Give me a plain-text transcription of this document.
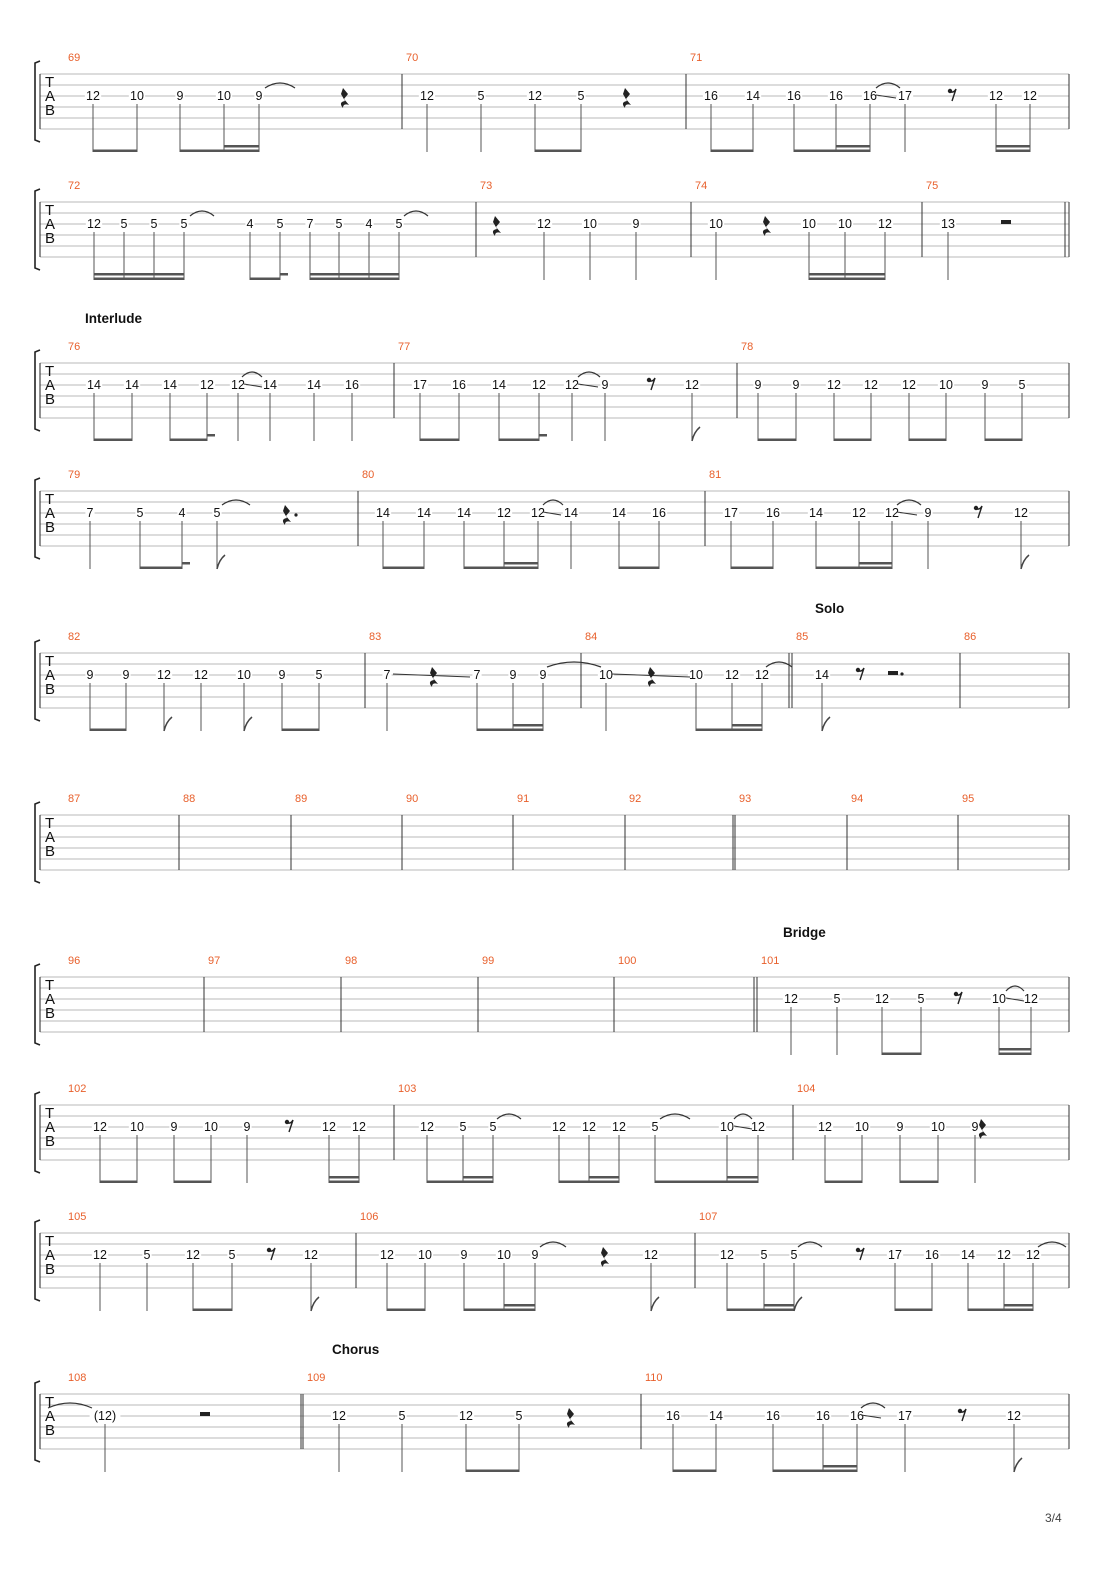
T
A
B
69
12 10	9	10 9
70
12	5	12	5
71
16 14 16 16 16 17	12 12
T
A
B
72
12 5 5 5	4 5 7 5 4 5
73
12	10	9
74
10	10 10 12
75
13
T
A
B
76
14 14 14 12 12 14 14 16
77
17 16 14 12 12 9	12
78
9 9 12 12 12 10 9 5
T
A
B
79
7	5	4 5
80
14 14 14 12 12 14	14 16
81
17 16 14 12 12 9	12
T
A
B
82
9 9 12 12 10 9 5
83
7	7 9 9
84
10	10 12 12
85
14
86
T
A
B
87	88	89	90	91	92	93	94	95
T
A
B
96	97	98	99	100	101
12	5	12 5	10 12
T
A
B
102
12 10 9 10 9	12 12
103
12 5 5	12 12 12 5	10 12
104
12 10 9 10 9
T
A
B
105
12	5	12 5	12
106
12 10 9 10 9	12
107
12 5 5	17 16 14 12 12
T
A
B
108
(12)
109
12	5	12	5
110
16 14	16	16 16	17	12
Interlude
Solo
Bridge
Chorus
3/4
